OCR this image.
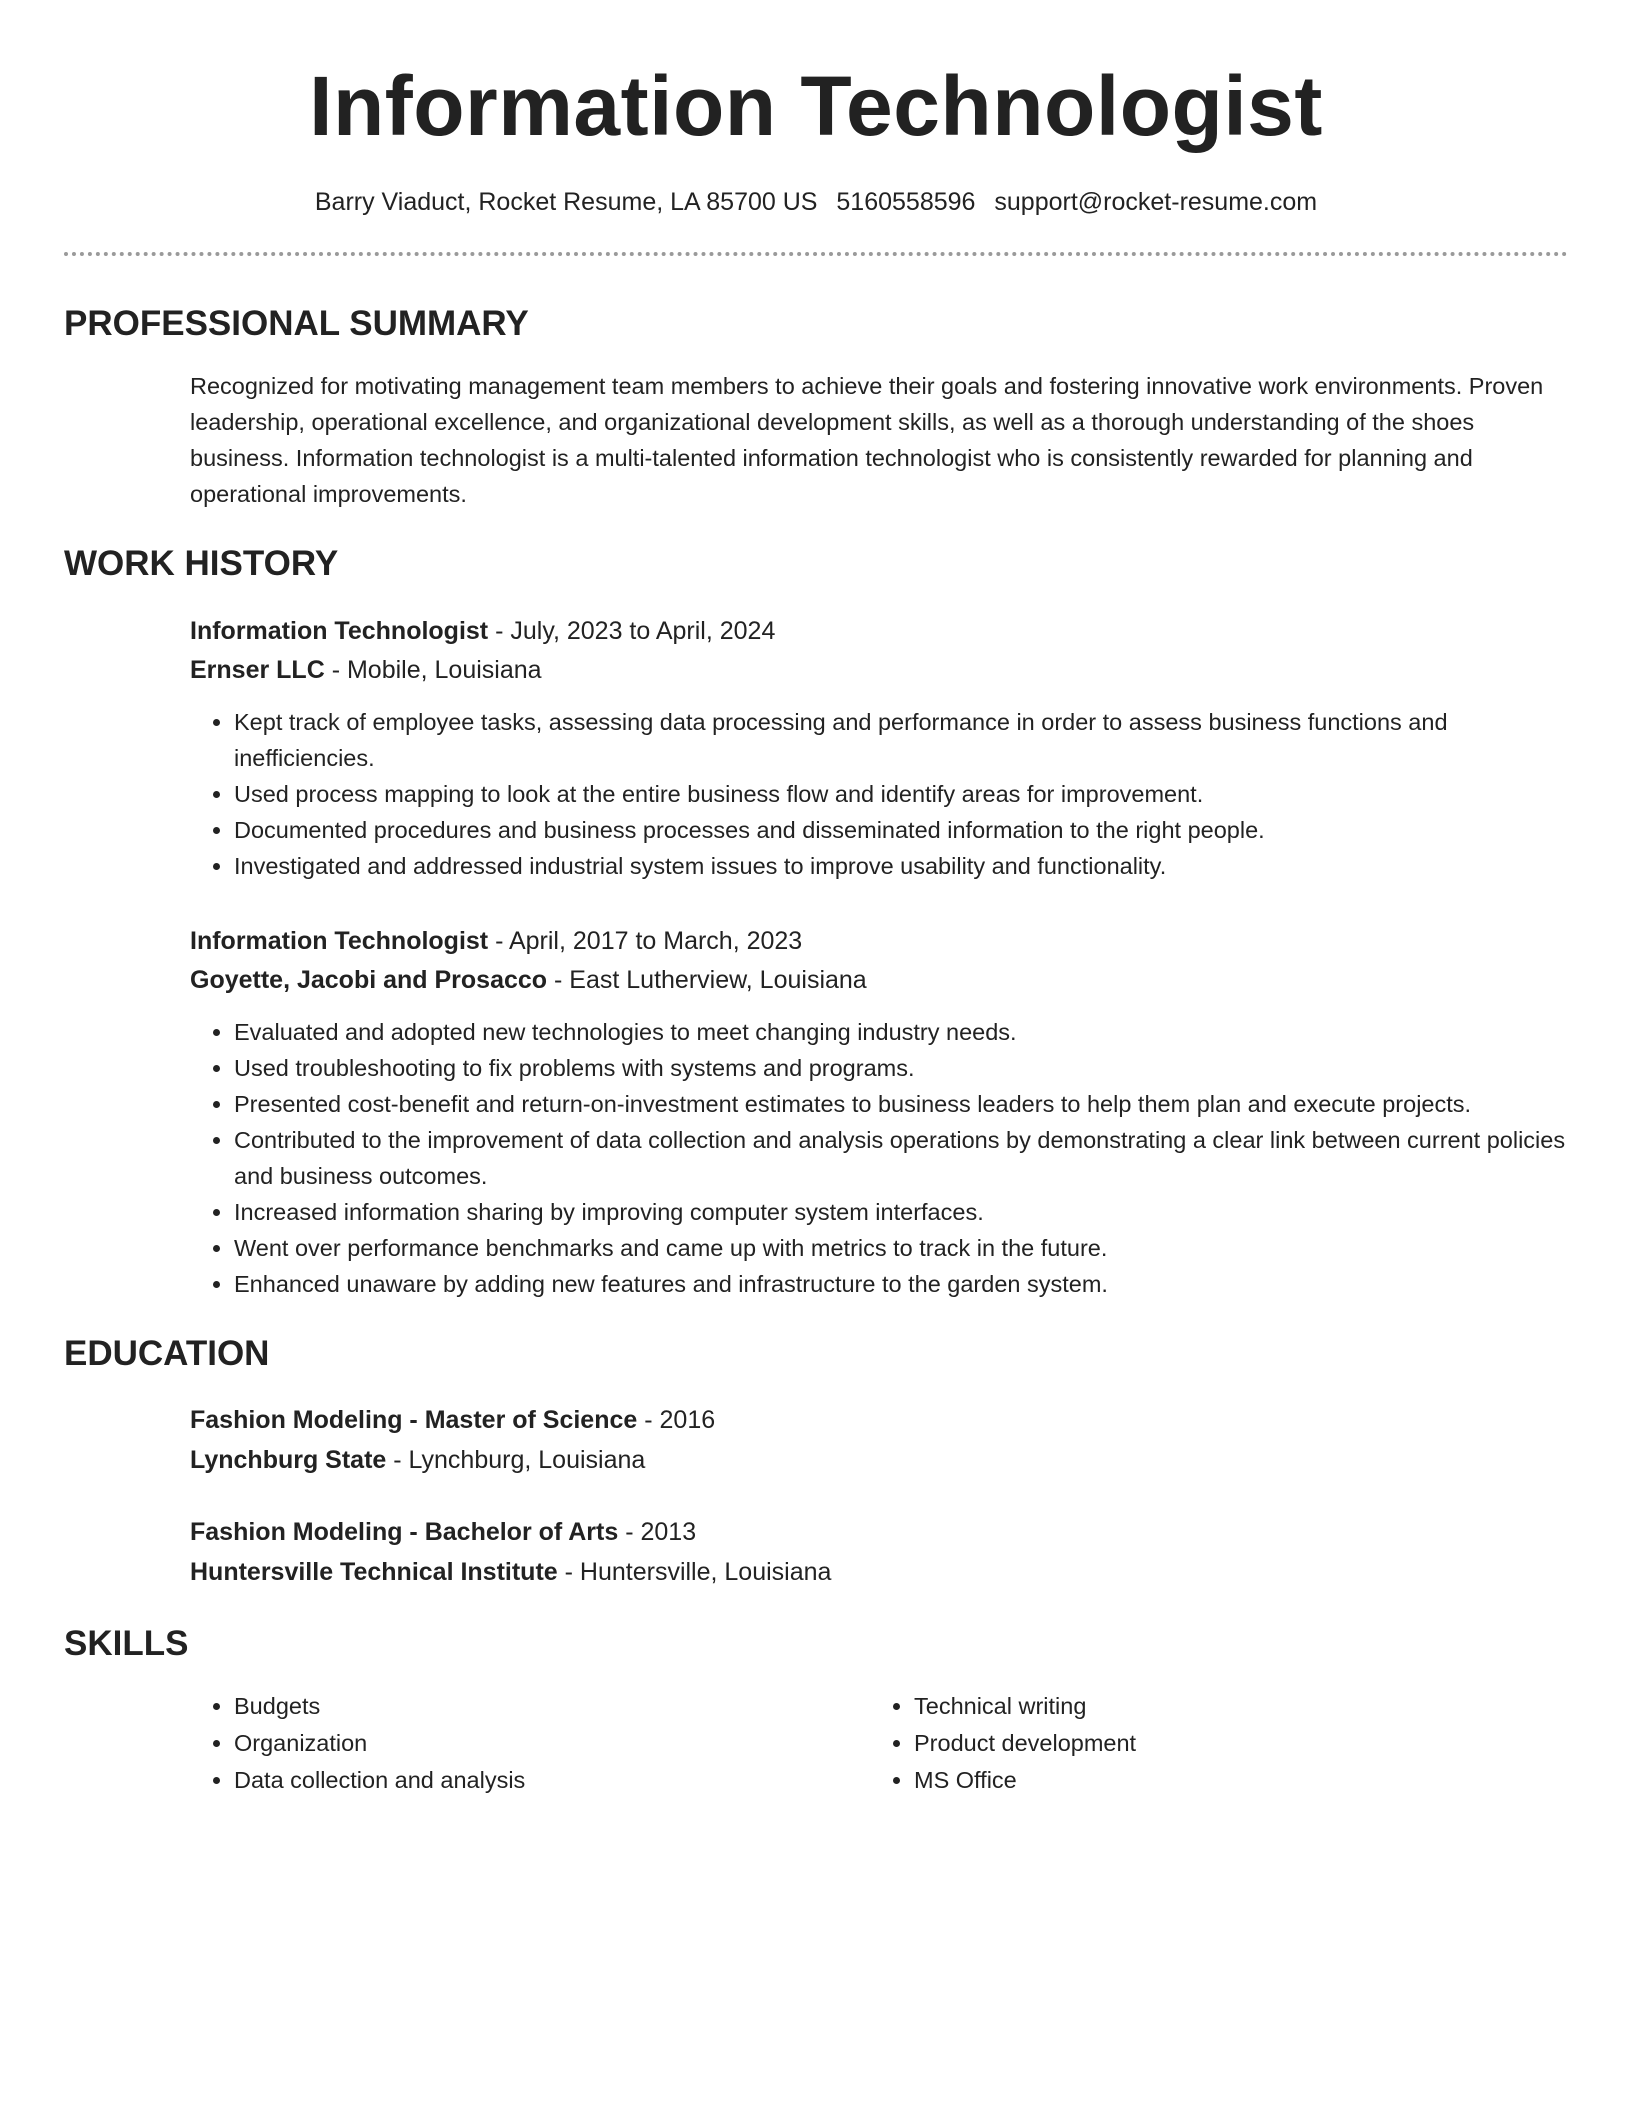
Information Technologist
Barry Viaduct, Rocket Resume, LA 85700 US 5160558596 support@rocket-resume.com
PROFESSIONAL SUMMARY

Recognized for motivating management team members to achieve their goals and fostering innovative work environments. Proven leadership, operational excellence, and organizational development skills, as well as a thorough understanding of the shoes business. Information technologist is a multi-talented information technologist who is consistently rewarded for planning and operational improvements.

WORK HISTORY
Information Technologist - July, 2023 to April, 2024
Ernser LLC - Mobile, Louisiana
• Kept track of employee tasks, assessing data processing and performance in order to assess business functions and inefficiencies.
• Used process mapping to look at the entire business flow and identify areas for improvement.
• Documented procedures and business processes and disseminated information to the right people.
• Investigated and addressed industrial system issues to improve usability and functionality.
Information Technologist - April, 2017 to March, 2023
Goyette, Jacobi and Prosacco - East Lutherview, Louisiana
• Evaluated and adopted new technologies to meet changing industry needs.
• Used troubleshooting to fix problems with systems and programs.
• Presented cost-benefit and return-on-investment estimates to business leaders to help them plan and execute projects.
• Contributed to the improvement of data collection and analysis operations by demonstrating a clear link between current policies and business outcomes.
• Increased information sharing by improving computer system interfaces.
• Went over performance benchmarks and came up with metrics to track in the future.
• Enhanced unaware by adding new features and infrastructure to the garden system.
EDUCATION
Fashion Modeling - Master of Science - 2016
Lynchburg State - Lynchburg, Louisiana
Fashion Modeling - Bachelor of Arts - 2013
Huntersville Technical Institute - Huntersville, Louisiana
SKILLS
• Budgets
• Organization
• Data collection and analysis
• Technical writing
• Product development
• MS Office
